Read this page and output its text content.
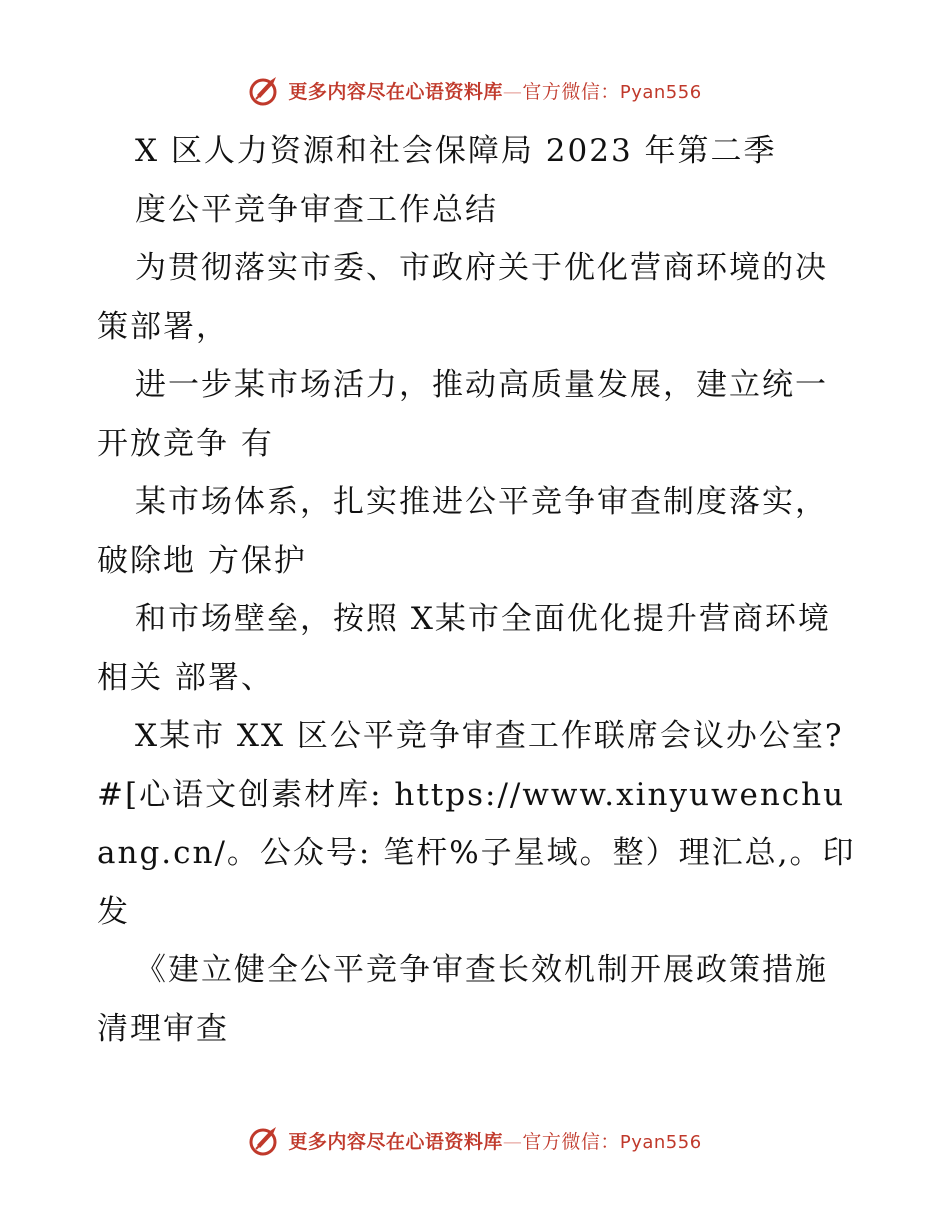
更多内容尽在心语资料库—官方微信：Pyan556

X 区人力资源和社会保障局 2023 年第二季

度公平竞争审查工作总结

为贯彻落实市委、市政府关于优化营商环境的决策部署，

进一步某市场活力，推动高质量发展，建立统一开放竞争 有

某市场体系，扎实推进公平竞争审查制度落实，破除地 方保护

和市场壁垒，按照 X某市全面优化提升营商环境相关 部署、

X某市 XX 区公平竞争审查工作联席会议办公室?#[心语文创素材库: https://www.xinyuwenchuang.cn/。公众号: 笔杆%子星域。整）理汇总,。印发

《建立健全公平竞争审查长效机制开展政策措施清理审查

更多内容尽在心语资料库—官方微信：Pyan556
